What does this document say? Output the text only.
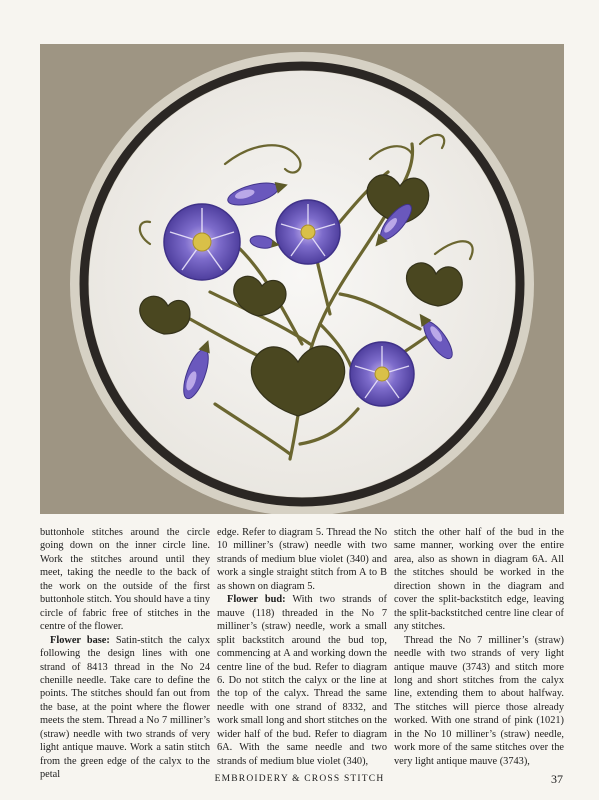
buttonhole stitches around the circle going down on the inner circle line. Work the stitches around until they meet, taking the needle to the back of the work on the outside of the first buttonhole stitch. You should have a tiny circle of fabric free of stitches in the centre of the flower.

Flower base: Satin-stitch the calyx following the design lines with one strand of 8413 thread in the No 24 chenille needle. Take care to define the points. The stitches should fan out from the base, at the point where the flower meets the stem. Thread a No 7 milliner’s (straw) needle with two strands of very light antique mauve. Work a satin stitch from the green edge of the calyx to the petal

edge. Refer to diagram 5. Thread the No 10 milliner’s (straw) needle with two strands of medium blue violet (340) and work a single straight stitch from A to B as shown on diagram 5.

Flower bud: With two strands of mauve (118) threaded in the No 7 milliner’s (straw) needle, work a small split backstitch around the bud top, commencing at A and working down the centre line of the bud. Refer to diagram 6. Do not stitch the calyx or the line at the top of the calyx. Thread the same needle with one strand of 8332, and work small long and short stitches on the wider half of the bud. Refer to diagram 6A. With the same needle and two strands of medium blue violet (340),

stitch the other half of the bud in the same manner, working over the entire area, also as shown in diagram 6A. All the stitches should be worked in the direction shown in the diagram and cover the split-backstitch edge, leaving the split-backstitched centre line clear of any stitches.

Thread the No 7 milliner’s (straw) needle with two strands of very light antique mauve (3743) and stitch more long and short stitches from the calyx line, extending them to about halfway. The stitches will pierce those already worked. With one strand of pink (1021) in the No 10 milliner’s (straw) needle, work more of the same stitches over the very light antique mauve (3743),

EMBROIDERY & CROSS STITCH	37
